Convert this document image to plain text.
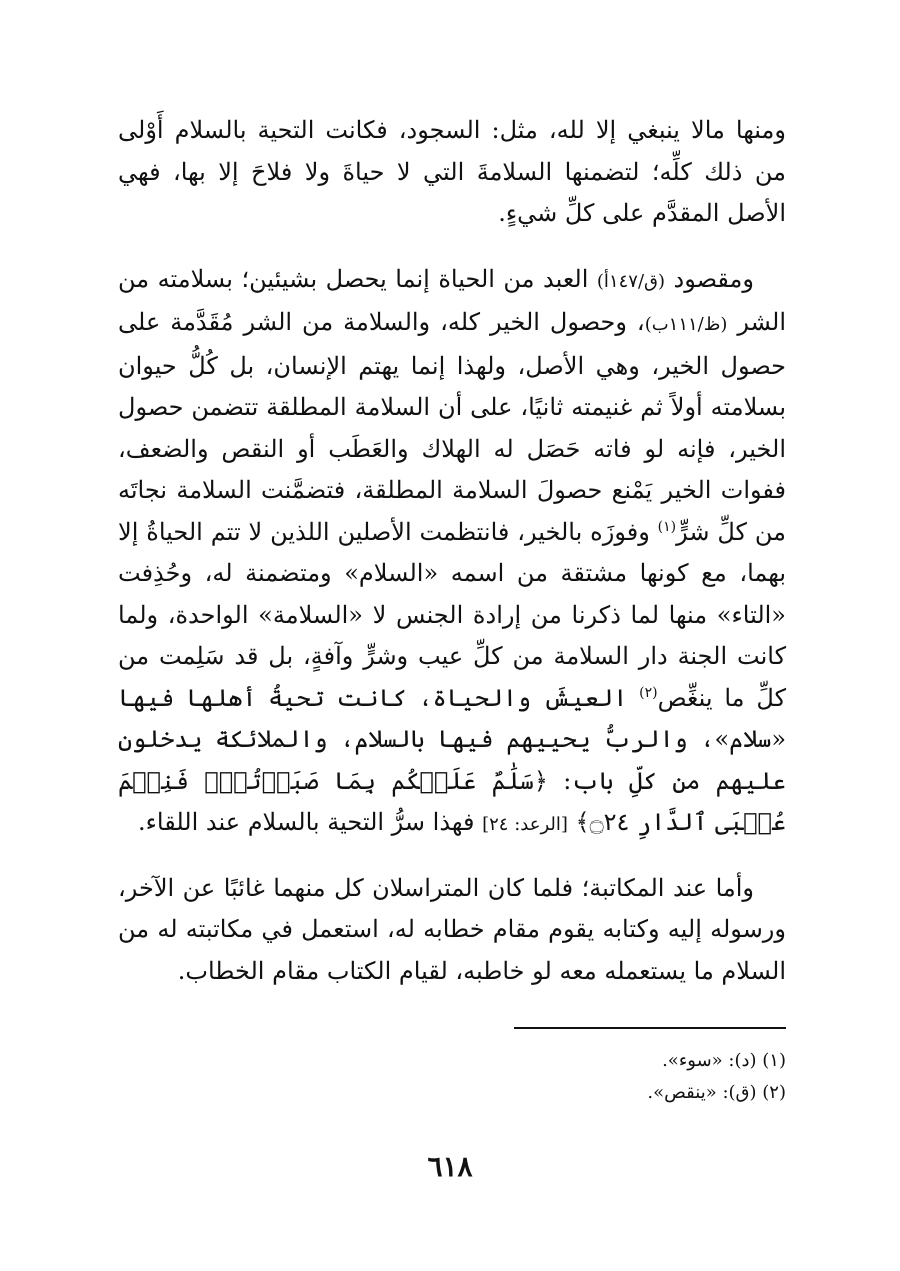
ومنها مالا ينبغي إلا لله، مثل: السجود، فكانت التحية بالسلام أَوْلى من ذلك كلِّه؛ لتضمنها السلامةَ التي لا حياةَ ولا فلاحَ إلا بها، فهي الأصل المقدَّم على كلِّ شيءٍ.

ومقصود (ق/١٤٧أ) العبد من الحياة إنما يحصل بشيئين؛ بسلامته من الشر (ظ/١١١ب)، وحصول الخير كله، والسلامة من الشر مُقَدَّمة على حصول الخير، وهي الأصل، ولهذا إنما يهتم الإنسان، بل كُلُّ حيوان بسلامته أولاً ثم غنيمته ثانيًا، على أن السلامة المطلقة تتضمن حصول الخير، فإنه لو فاته حَصَل له الهلاك والعَطَب أو النقص والضعف، ففوات الخير يَمْنع حصولَ السلامة المطلقة، فتضمَّنت السلامة نجاتَه من كلِّ شرٍّ$^{(١)}$ وفوزَه بالخير، فانتظمت الأصلين اللذين لا تتم الحياةُ إلا بهما، مع كونها مشتقة من اسمه «السلام» ومتضمنة له، وحُذِفت «التاء» منها لما ذكرنا من إرادة الجنس لا «السلامة» الواحدة، ولما كانت الجنة دار السلامة من كلِّ عيب وشرٍّ وآفةٍ، بل قد سَلِمت من كلِّ ما ينغِّص$^{(٢)}$ العيشَ والحياة، كانت تحيةُ أهلها فيها «سلام»، والربُّ يحييهم فيها بالسلام، والملائكة يدخلون عليهم من كلِّ باب: ﴿سَلَٰمٌ عَلَيۡكُم بِمَا صَبَرۡتُمۡۚ فَنِعۡمَ عُقۡبَى ٱلدَّارِ ۝٢٤﴾ [الرعد: ٢٤] فهذا سرُّ التحية بالسلام عند اللقاء.

وأما عند المكاتبة؛ فلما كان المتراسلان كل منهما غائبًا عن الآخر، ورسوله إليه وكتابه يقوم مقام خطابه له، استعمل في مكاتبته له من السلام ما يستعمله معه لو خاطبه، لقيام الكتاب مقام الخطاب.

(١) (د): «سوء».

(٢) (ق): «ينقص».

٦١٨
